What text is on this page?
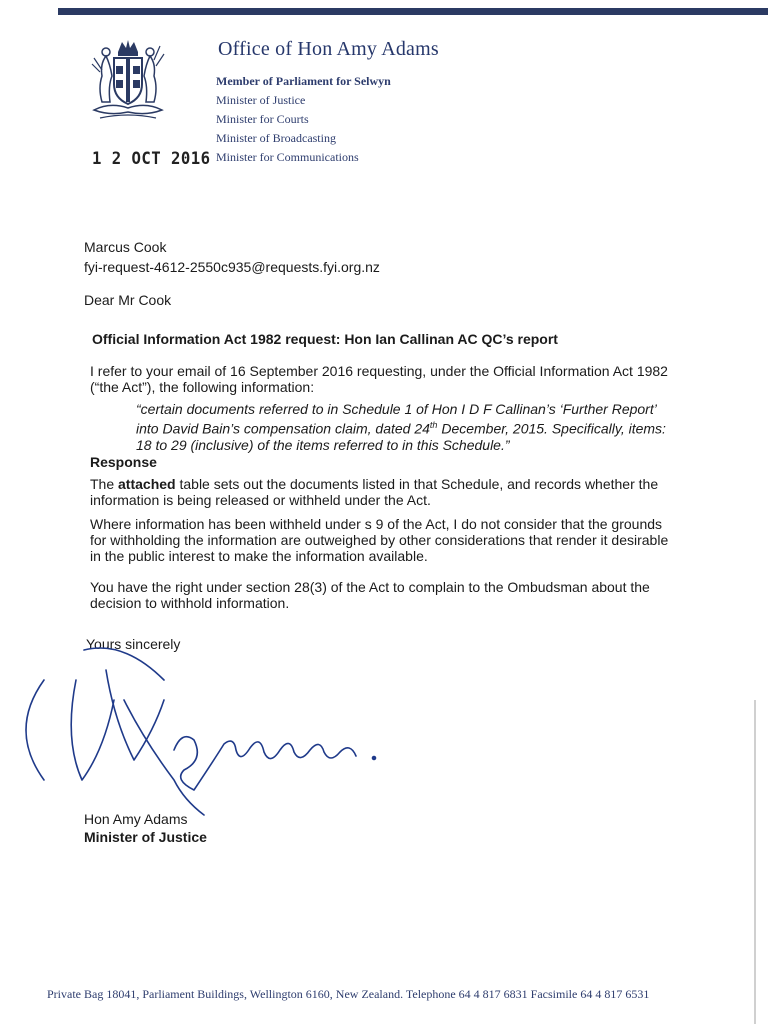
Office of Hon Amy Adams
Member of Parliament for Selwyn
Minister of Justice
Minister for Courts
Minister of Broadcasting
Minister for Communications
1 2 OCT 2016
Marcus Cook
fyi-request-4612-2550c935@requests.fyi.org.nz
Dear Mr Cook
Official Information Act 1982 request: Hon Ian Callinan AC QC’s report
I refer to your email of 16 September 2016 requesting, under the Official Information Act 1982 (“the Act”), the following information:
“certain documents referred to in Schedule 1 of Hon I D F Callinan’s ‘Further Report’ into David Bain’s compensation claim, dated 24th December, 2015. Specifically, items: 18 to 29 (inclusive) of the items referred to in this Schedule.”
Response
The attached table sets out the documents listed in that Schedule, and records whether the information is being released or withheld under the Act.
Where information has been withheld under s 9 of the Act, I do not consider that the grounds for withholding the information are outweighed by other considerations that render it desirable in the public interest to make the information available.
You have the right under section 28(3) of the Act to complain to the Ombudsman about the decision to withhold information.
Yours sincerely
Hon Amy Adams
Minister of Justice
Private Bag 18041, Parliament Buildings, Wellington 6160, New Zealand. Telephone 64 4 817 6831 Facsimile 64 4 817 6531
